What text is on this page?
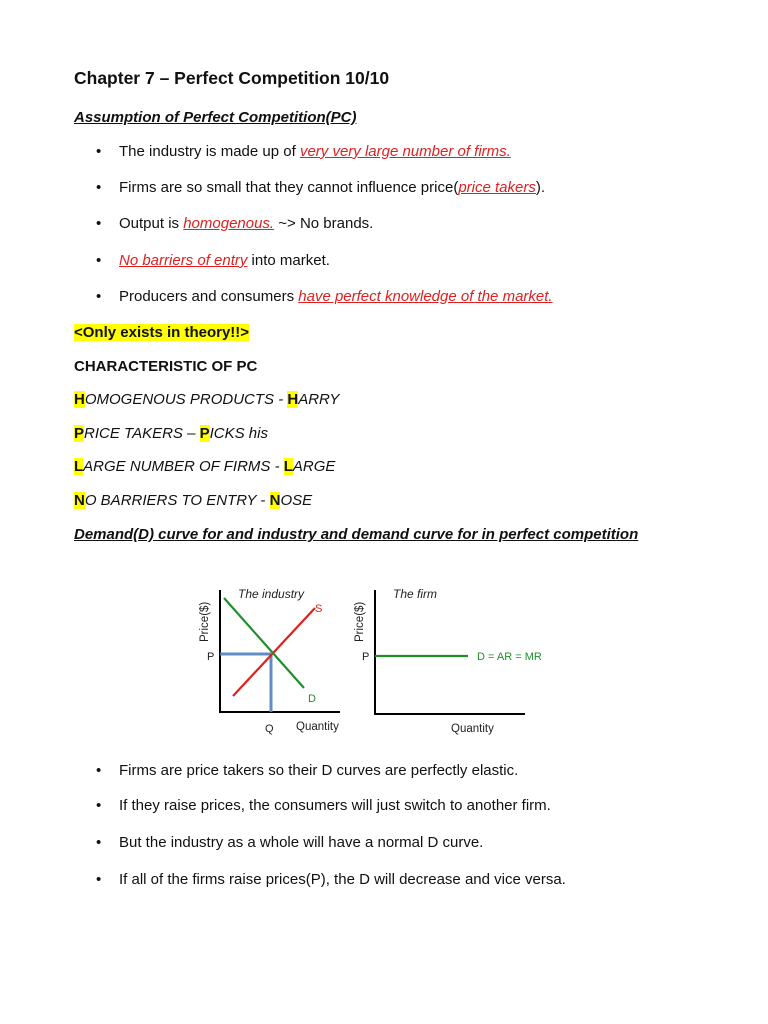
Chapter 7 – Perfect Competition 10/10
Assumption of Perfect Competition(PC)
• The industry is made up of very very large number of firms.
• Firms are so small that they cannot influence price(price takers).
• Output is homogenous. ~> No brands.
• No barriers of entry into market.
• Producers and consumers have perfect knowledge of the market.
<Only exists in theory!!>
CHARACTERISTIC OF PC
HOMOGENOUS PRODUCTS - HARRY
PRICE TAKERS – PICKS his
LARGE NUMBER OF FIRMS - LARGE
NO BARRIERS TO ENTRY - NOSE
Demand(D) curve for and industry and demand curve for in perfect competition
The industry
Price($)	S
D
P
Q Quantity
The firm
Price($)
D = AR = MR
P
Quantity
• Firms are price takers so their D curves are perfectly elastic.
• If they raise prices, the consumers will just switch to another firm.
• But the industry as a whole will have a normal D curve.
• If all of the firms raise prices(P), the D will decrease and vice versa.
